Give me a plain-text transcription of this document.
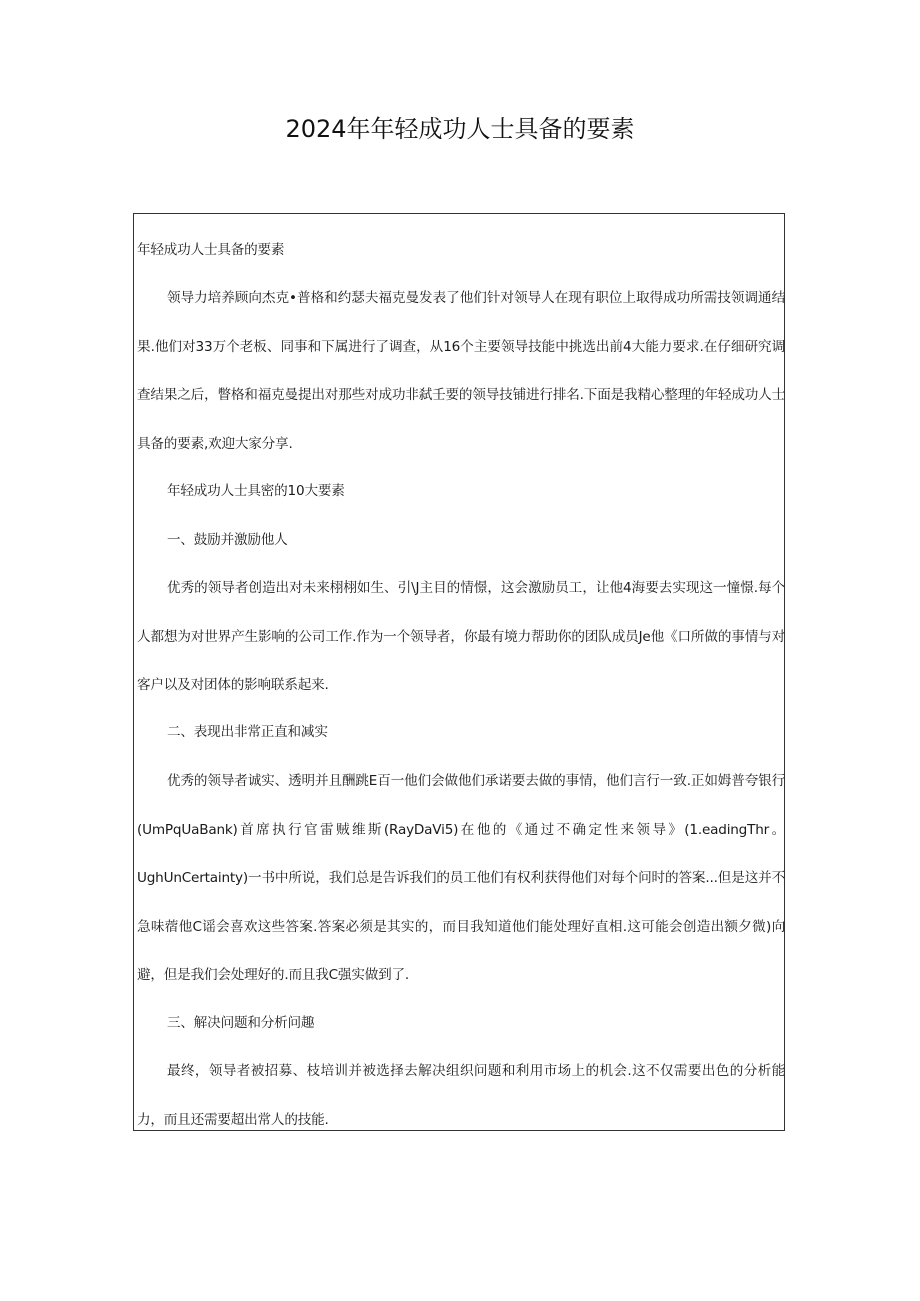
2024年年轻成功人士具备的要素

年轻成功人士具备的要素

领导力培养顾向杰克•普格和约瑟夫福克曼发表了他们针对领导人在现有职位上取得成功所需技领调通结果.他们对33万个老板、同事和下属进行了调查，从16个主要领导技能中挑选出前4大能力要求.在仔细研究调查结果之后，瞥格和福克曼提出对那些对成功非弑壬要的领导技铺进行排名.下面是我精心整理的年轻成功人士具备的要素,欢迎大家分享.

年轻成功人士具密的10大要素

一、鼓励并激励他人

优秀的领导者创造出对未来栩栩如生、引\J主目的情憬，这会激励员工，让他4海要去实现这一憧憬.每个人都想为对世界产生影响的公司工作.作为一个领导者，你最有境力帮助你的团队成员Je他《口所做的事情与对客户以及对团体的影响联系起来.

二、表现出非常正直和减实

优秀的领导者诚实、透明并且酬跳E百一他们会做他们承诺要去做的事情，他们言行一致.正如姆普夸银行(UmPqUaBank)首席执行官雷贼维斯(RayDaVi5)在他的《通过不确定性来领导》(1.eadingThr。UghUnCertainty)一书中所说，我们总是告诉我们的员工他们有权利获得他们对每个问时的答案...但是这并不急味蓿他C谣会喜欢这些答案.答案必须是其实的，而目我知道他们能处理好直相.这可能会创造出额夕微)向避，但是我们会处理好的.而且我C强实做到了.

三、解决问题和分析问趣

最终，领导者被招募、枝培训并被选择去解决组织问题和利用市场上的机会.这不仅需要出色的分析能力，而且还需要超出常人的技能.
